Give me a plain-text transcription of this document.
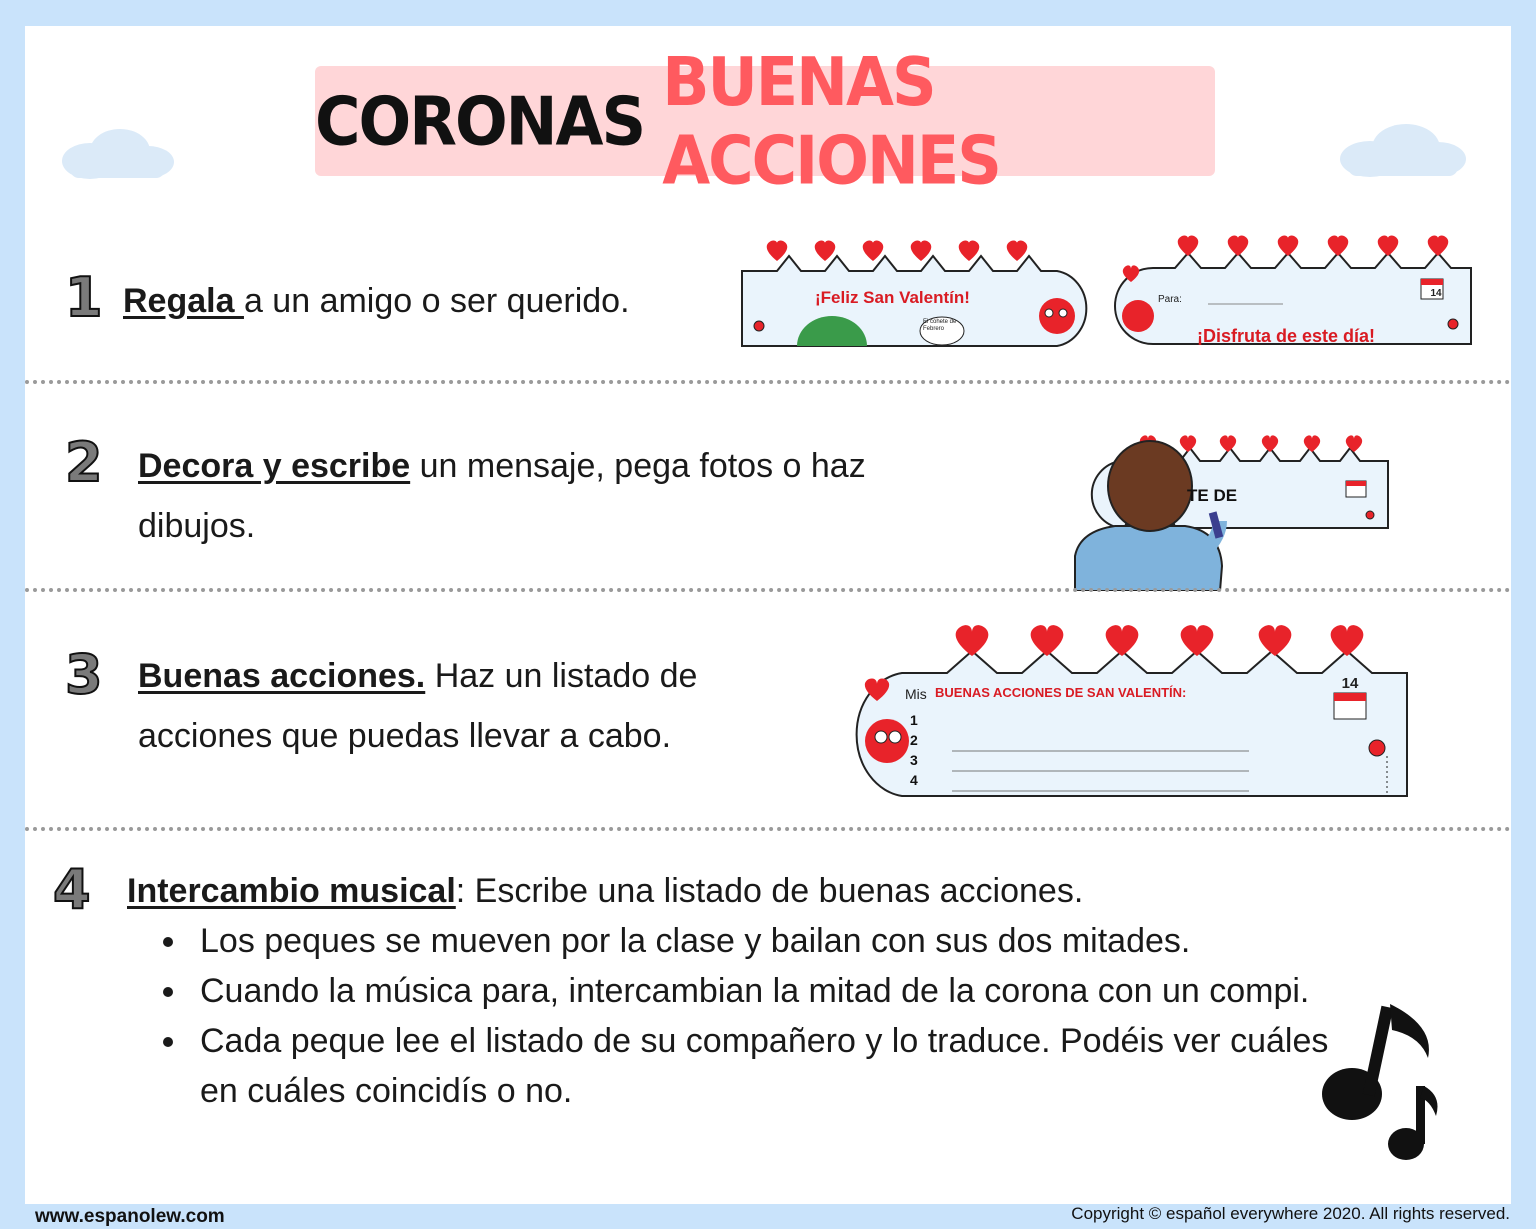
CORONAS BUENAS ACCIONES
1 Regala a un amigo o ser querido.	¡Feliz San Valentín!
El cohete de Febrero
Para:
14
¡Disfruta de este día!
2 Decora y escribe un mensaje, pega fotos o haz dibujos.
TE DE
3 Buenas acciones. Haz un listado de acciones que puedas llevar a cabo.
Mis BUENAS ACCIONES DE SAN VALENTÍN:
14
1
2
3
4
4 Intercambio musical: Escribe una listado de buenas acciones.
• Los peques se mueven por la clase y bailan con sus dos mitades.
• Cuando la música para, intercambian la mitad de la corona con un compi.
• Cada peque lee el listado de su compañero y lo traduce. Podéis ver cuáles en cuáles coincidís o no.
www.espanolew.com	Copyright © español everywhere 2020. All rights reserved.
